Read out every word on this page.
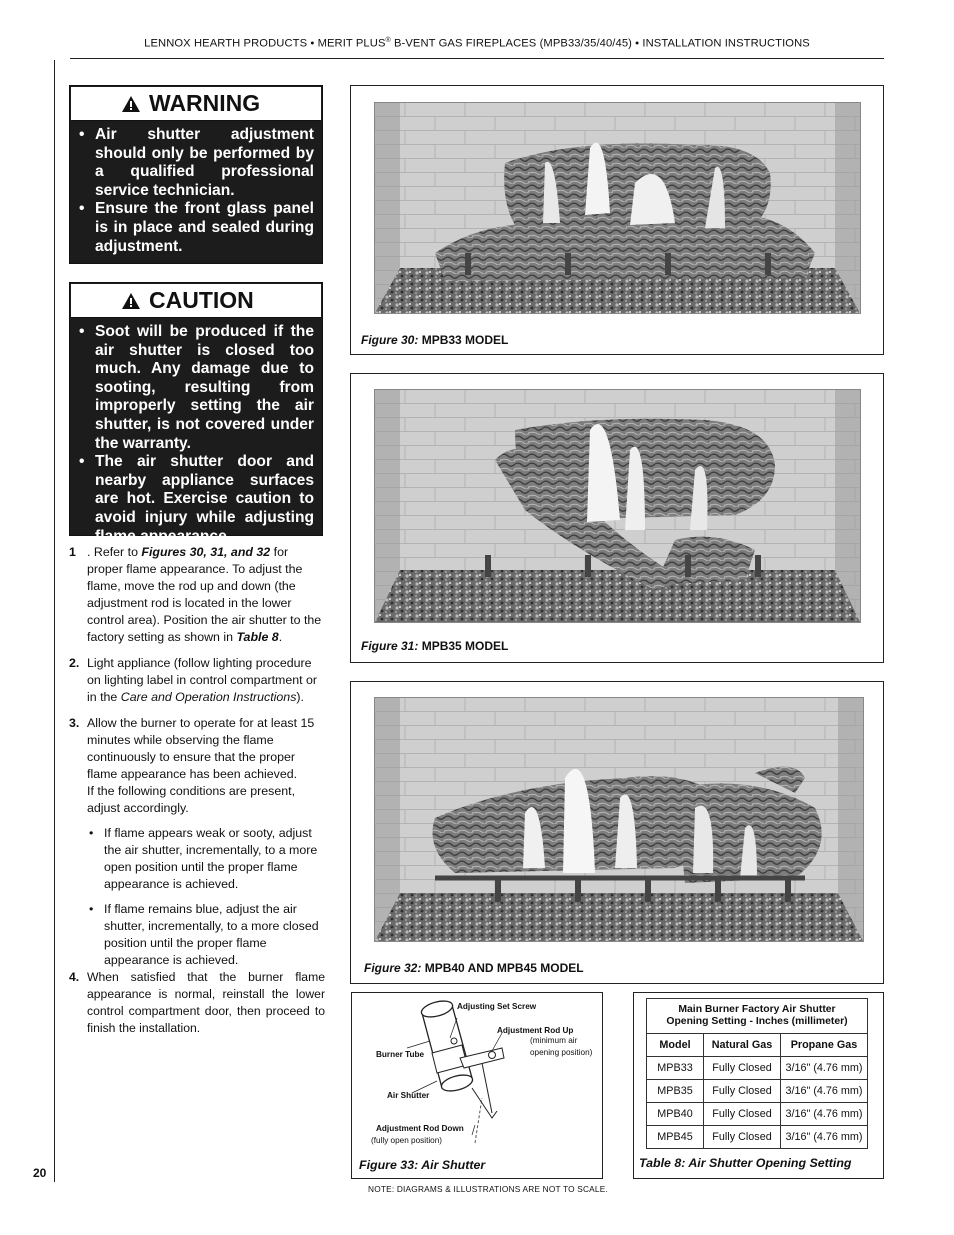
LENNOX HEARTH PRODUCTS • MERIT PLUS® B-VENT GAS FIREPLACES (MPB33/35/40/45) • INSTALLATION INSTRUCTIONS
20
WARNING
• Air shutter adjustment should only be performed by a qualified professional service technician.
• Ensure the front glass panel is in place and sealed during adjustment.
CAUTION
• Soot will be produced if the air shutter is closed too much. Any damage due to sooting, resulting from improperly setting the air shutter, is not covered under the warranty.
• The air shutter door and nearby appliance surfaces are hot. Exercise caution to avoid injury while adjusting flame appearance.
1 . Refer to Figures 30, 31, and 32 for proper flame appearance. To adjust the flame, move the rod up and down (the adjustment rod is located in the lower control area). Position the air shutter to the factory setting as shown in Table 8.
2. Light appliance (follow lighting procedure on lighting label in control compartment or in the Care and Operation Instructions).
3. Allow the burner to operate for at least 15 minutes while observing the flame continuously to ensure that the proper flame appearance has been achieved.
If the following conditions are present, adjust accordingly.
• If flame appears weak or sooty, adjust the air shutter, incrementally, to a more open position until the proper flame appearance is achieved.
• If flame remains blue, adjust the air shutter, incrementally, to a more closed position until the proper flame appearance is achieved.
4. When satisfied that the burner flame appearance is normal, reinstall the lower control compartment door, then proceed to finish the installation.
Figure 30: MPB33 MODEL
Figure 31: MPB35 MODEL
Figure 32: MPB40 AND MPB45 MODEL
Adjusting Set Screw
Adjustment Rod Up
(minimum air
opening position)
Burner Tube
Air Shutter
Adjustment Rod Down
(fully open position)
Figure 33: Air Shutter
Main Burner Factory Air Shutter
Opening Setting - Inches (millimeter)		

Model	Natural Gas	Propane Gas
MPB33	Fully Closed	3/16" (4.76 mm)
MPB35	Fully Closed	3/16" (4.76 mm)
MPB40	Fully Closed	3/16" (4.76 mm)
MPB45	Fully Closed	3/16" (4.76 mm)
Table 8: Air Shutter Opening Setting
NOTE: DIAGRAMS & ILLUSTRATIONS ARE NOT TO SCALE.
